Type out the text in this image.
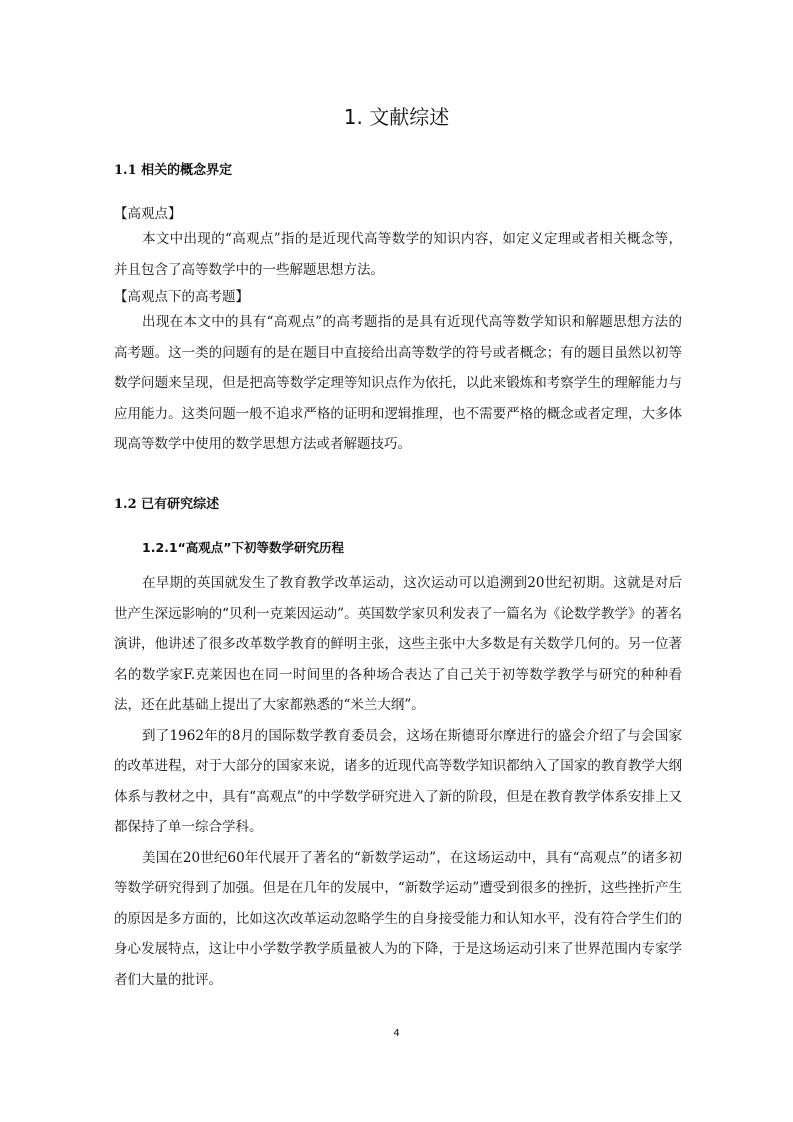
1. 文献综述

1.1 相关的概念界定

【高观点】

本文中出现的“高观点”指的是近现代高等数学的知识内容，如定义定理或者相关概念等，并且包含了高等数学中的一些解题思想方法。

【高观点下的高考题】

出现在本文中的具有“高观点”的高考题指的是具有近现代高等数学知识和解题思想方法的高考题。这一类的问题有的是在题目中直接给出高等数学的符号或者概念；有的题目虽然以初等数学问题来呈现，但是把高等数学定理等知识点作为依托，以此来锻炼和考察学生的理解能力与应用能力。这类问题一般不追求严格的证明和逻辑推理，也不需要严格的概念或者定理，大多体现高等数学中使用的数学思想方法或者解题技巧。

1.2 已有研究综述

1.2.1“高观点”下初等数学研究历程

在早期的英国就发生了教育教学改革运动，这次运动可以追溯到20世纪初期。这就是对后世产生深远影响的“贝利一克莱因运动”。英国数学家贝利发表了一篇名为《论数学教学》的著名演讲，他讲述了很多改革数学教育的鲜明主张，这些主张中大多数是有关数学几何的。另一位著名的数学家F.克莱因也在同一时间里的各种场合表达了自己关于初等数学教学与研究的种种看法，还在此基础上提出了大家都熟悉的“米兰大纲”。

到了1962年的8月的国际数学教育委员会，这场在斯德哥尔摩进行的盛会介绍了与会国家的改革进程，对于大部分的国家来说，诸多的近现代高等数学知识都纳入了国家的教育教学大纲体系与教材之中，具有“高观点”的中学数学研究进入了新的阶段，但是在教育教学体系安排上又都保持了单一综合学科。

美国在20世纪60年代展开了著名的“新数学运动”，在这场运动中，具有“高观点”的诸多初等数学研究得到了加强。但是在几年的发展中，“新数学运动”遭受到很多的挫折，这些挫折产生的原因是多方面的，比如这次改革运动忽略学生的自身接受能力和认知水平，没有符合学生们的身心发展特点，这让中小学数学教学质量被人为的下降，于是这场运动引来了世界范围内专家学者们大量的批评。

4
